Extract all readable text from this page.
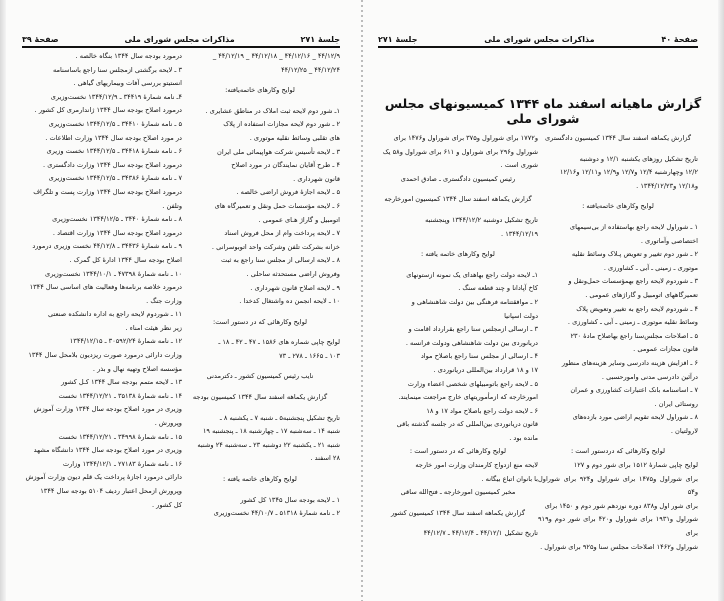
جلسهٔ ۲۷۱
مذاکرات مجلس شورای ملی
صفحهٔ ۳۹

۴۴/۱۲/۹ _ ۴۴/۱۲/۱۶ _ ۴۴/۱۲/۱۸ _ ۴۴/۱۲/۱۹ _

۴۴/۱۲/۲۴ _ ۴۴/۱۲/۲۵

لوایح وکارهای خاتمه‌یافته:

۱ـ شور دوم لایحه ثبت املاک در مناطق عشایری .

۲ ـ شور دوم لایحه مجازات استفاده از پلاک‌

های تقلبی وسائط نقلیه موتوری .

۳ ـ لایحه تأسیس شرکت هواپیمائی ملی ایران

۴ ـ طرح آقایان نمایندگان در مورد اصلاح

قانون شهرداری .

۵ ـ لایحه اجازهٔ فروش اراضی خالصه .

۶ ـ لایحه مؤسسات حمل ونقل و تعمیرگاه های

اتومبیل و گاراژ هـای عمومی .

۷ ـ لایحه پرداخت وام از محل فروش اسناد

خزانه بشرکت تلفن وشرکت واحد اتوبوسرانی .

۸ ـ لایحه ارسالی از مجلس سنا راجع به ثبت

وفروش اراضی مستحدثه ساحلی .

۹ ـ لایحه اصلاح قانون شهرداری .

۱۰ ـ لایحه انجمن ده واشتغال کدخدا .

لوایح وکارهائی که در دستور است:

لوایح چاپی شماره های ۱۵۸۶ ـ ۴۷ ـ ۴۲ ـ ۱۸ ـ

۱۰۳ ـ ۱۶۶۵ ـ ۲۷۸ ـ ۷۳

نایب رئیس کمیسیون کشور ـ دکترمدنی

گزارش یکماهه اسفند سال ۱۳۴۴ کمیسیون بودجه

تاریخ تشکیل پنجشنبه۵ ـ شنبه ۷ ـ یکشنبه ۸ ـ

شنبه ۱۴ ـ سه‌شنبه ۱۷ ـ چهارشنبه ۱۸ ـ پنجشنبه ۱۹

شنبه ۲۱ ـ یکشنبه ۲۲ دوشنبه ۲۳ ـ سه‌شنبه ۲۴ وشنبه

۲۸ اسفند .

لوایح وکارهای خاتمه یافته :

۱ ـ لایحه بودجه سال ۱۳۴۵ کل کشور

۲ ـ نامه شمارهٔ ۵۱۳۱۸ ـ ۴۴/۱۰/۷ نخست‌وزیری

درمورد بودجه سال ۱۳۴۴ بنگاه خالصه .

۳ ـ لایحه برگشتی ازمجلس سنا راجع باساسنامه

انستیتو بررسی آفات وبیماریهای گیاهی .

۴ـ نامه شمارهٔ ۳۴۴۱۹ ـ ۱۳۴۴/۱۲/۹ نخست‌وزیری

درمورد اصلاح بودجه سال ۱۳۴۴ ژاندارمری کل کشور .

۵ ـ نامه شمارهٔ ۳۴۴۱۰ ـ ۱۳۴۴/۱۲/۵ نخست‌وزیری

در مورد اصلاح بودجه سال ۱۳۴۴ وزارت اطلاعات .

۶ ـ نامه شمارهٔ ۳۴۴۱۸ ـ ۱۳۴۴/۱۲/۵ نخست وزیری

درمورد اصلاح بودجه سال ۱۳۴۴ وزارت دادگستری .

۷ ـ نامه شمارهٔ ۳۴۳۸۶ ـ ۱۳۴۴/۱۲/۵ نخست‌وزیری

درمورد اصلاح بودجه سال ۱۳۴۴ وزارت پست و تلگراف

وتلفن .

۸ ـ نامه شمارهٔ ۳۴۴۰ ـ ۱۳۴۴/۱۲/۵ نخست‌وزیری

درمورد اصلاح بودجه سال ۱۳۴۴ وزارت اقتصاد .

۹ ـ نامه شمارهٔ ۳۴۴۳۶ ـ ۴۴/۱۲/۸ نخست وزیری درمورد

اصلاح بودجه سال ۱۳۴۴ ادارهٔ کل گمرک .

۱۰ ـ نامه شمارهٔ ۴۷۳۹۸ ـ ۱۳۴۴/۱۰/۱ نخست‌وزیری

درمورد خلاصه برنامه‌ها وفعالیت های اساسی سال ۱۳۴۴

وزارت جنگ .

۱۱ ـ شوردوم لایحه راجع به اداره دانشکده صنعتی

زیر نظر هیئت امناء .

۱۲ ـ نامه شمارهٔ ۳۰۵۹۲/۲۴ ـ ۱۳۴۴/۱۲/۱۵

وزارت دارائی درمورد صورت ریزدیون بلامحل سال ۱۳۴۴

مؤسسه اصلاح وتهیه نهال و بذر .

۱۳ ـ لایحه متمم بودجه سال ۱۳۴۴ کـل کشور

۱۴ ـ نامه شمارهٔ ۳۵۱۳۸ ـ ۱۳۴۴/۱۲/۲۱ نخست

وزیری در مورد اصلاح بودجه سال ۱۳۴۴ وزارت آموزش

وپرورش .

۱۵ ـ نامه شمارهٔ ۳۴۹۹۸ ـ ۱۳۴۴/۱۲/۲۱ نخست

وزیری در مورد اصلاح بودجه سال ۱۳۴۴ دانشگاه مشهد

۱۶ ـ نامه شمارهٔ ۲۷۱۸۳ ـ ۱۳۴۴/۱۲/۱ وزارت

دارائی درمورد اجازهٔ پرداخت یک قلم دیون وزارت آموزش

وپرورش ازمحل اعتبار ردیف ۵۱۰۴ بودجه سال ۱۳۴۴

کل کشور .

صفحهٔ ۴۰
مذاکرات مجلس شورای ملی
جلسهٔ ۲۷۱
گزارش ماهیانه اسفند ماه ۱۳۴۴ کمیسیونهای مجلس شورای ملی

گزارش یکماهه اسفند سال ۱۳۴۴ کمیسیون دادگستری

تاریخ تشکیل روزهای یکشنبه ۱۲/۱ و دوشنبه

۱۲/۲ وچهارشنبه ۱۲/۴ و۱۲/۷ و۱۲/۹ و۱۲/۱۱ و۱۲/۱۶

و۱۲/۱۸ و۱۳۴۴/۱۲/۲۳ .

لوایح وکارهای خاتمه‌یافته :

۱ ـ شوراول لایحه راجع بهاستفاده از بی‌سیمهای

اختصاصی وآماتوری .

۲ ـ شور دوم تغییر و تعویض پـلاک وسائط نقلیه

موتوری ـ زمینی ـ آبی ـ کشاورزی .

۳ ـ شوردوم لایحه راجع بهمؤسسات حمل‌ونقل و

تعمیرگاههای اتومبیل و گاراژهای عمومی .

۴ ـ شوردوم لایحه راجع به تغییر وتعویض پلاک

وسائط نقلیه موتوری ـ زمینی ـ آبی ـ کشاورزی .

۵ ـ اصلاحات مجلس‌سنا راجع بهاصلاح مادهٔ ۲۳۰

قانون مجازات عمومی .

۶ ـ افزایش هزینه دادرسی وسایر هزینه‌های منظور

درآئین دادرسی مدنی وامورحسبی .

۷ ـ اساسنامه بانک اعتبارات کشاورزی و عمران

روستائی ایران .

۸ ـ شوراول لایحه تقویم اراضی مورد بازده‌های

لارولتیان .

لوایح وکارهائی که دردستور است :

لوایح چاپی شمارهٔ ۱۵۱۲ برای شور دوم و ۱۲۷

برای شوراول و۱۴۷۵ برای شوراول و۹۲۴ برای شوراول و۵۴

برای شور اول و۸۳۸ دوره نوزدهم شور دوم و ۱۴۵۰ برای

شوراول و۱۹۳۱ برای شوراول و۴۲۰ برای شور دوم و۹۱۹ برای

شوراول و۱۴۶۲ اصلاحات مجلس سنا و۹۲۵ برای شوراول .

و۱۷۷۲ برای شوراول و۳۷۵ برای شوراول و۱۴۷۶ برای

شوراول و۲۹۶ برای شوراول و ۶۱۱ برای شوراول و۵۸ یک

شوری است .

رئیس کمیسیون دادگستری ـ صادق احمدی

گزارش یکماهه اسفند سال ۱۳۴۴ کمیسیون امورخارجه

تاریخ تشکیل دوشنبه ۱۳۴۴/۱۲/۲ وپنجشنبه

۱۳۴۴/۱۲/۱۹ .

لوایح وکارهای خاتمه یافته :

۱ـ لایحه دولت راجع بهاهدای یک نمونه ازستونهای

کاخ آپادانا و چند قطعه سنگ .

۲ ـ موافقتنامه فرهنگی بین دولت شاهنشاهی و

دولت اسپانیا

۳ ـ ارسالی ازمجلس سنا راجع بقرارداد اقامت و

دریانوردی بین دولت شاهنشاهی ودولت فرانسه .

۴ ـ ارسالی از مجلس سنا راجع باصلاح مواد

۱۷ و ۱۸ قرارداد بین‌المللی دریانوردی .

۵ ـ لایحه راجع باتومبیلهای شخصی اعضاء وزارت

امورخارجه که ازمأموریتهای خارج مراجعت مینمایند.

۶ ـ لایحه دولت راجع باصلاح مواد ۱۷ و ۱۸

قانون دریانوردی بین‌المللی که در جلسه گذشته باقی

مانده بود .

لوایح وکارهائی که در دستور است :

لایحه منع ازدواج کارمندان وزارت امور خارجه

با بانوان اتباع بیگانه .

مخبر کمیسیون امورخارجه ـ فتح‌الله ساقی

گزارش یکماهه اسفند سال ۱۳۴۴ کمیسیون کشور

تاریخ تشکیل ۴۴/۱۲/۱ ـ ۴۴/۱۲/۴ ـ ۴۴/۱۲/۷
